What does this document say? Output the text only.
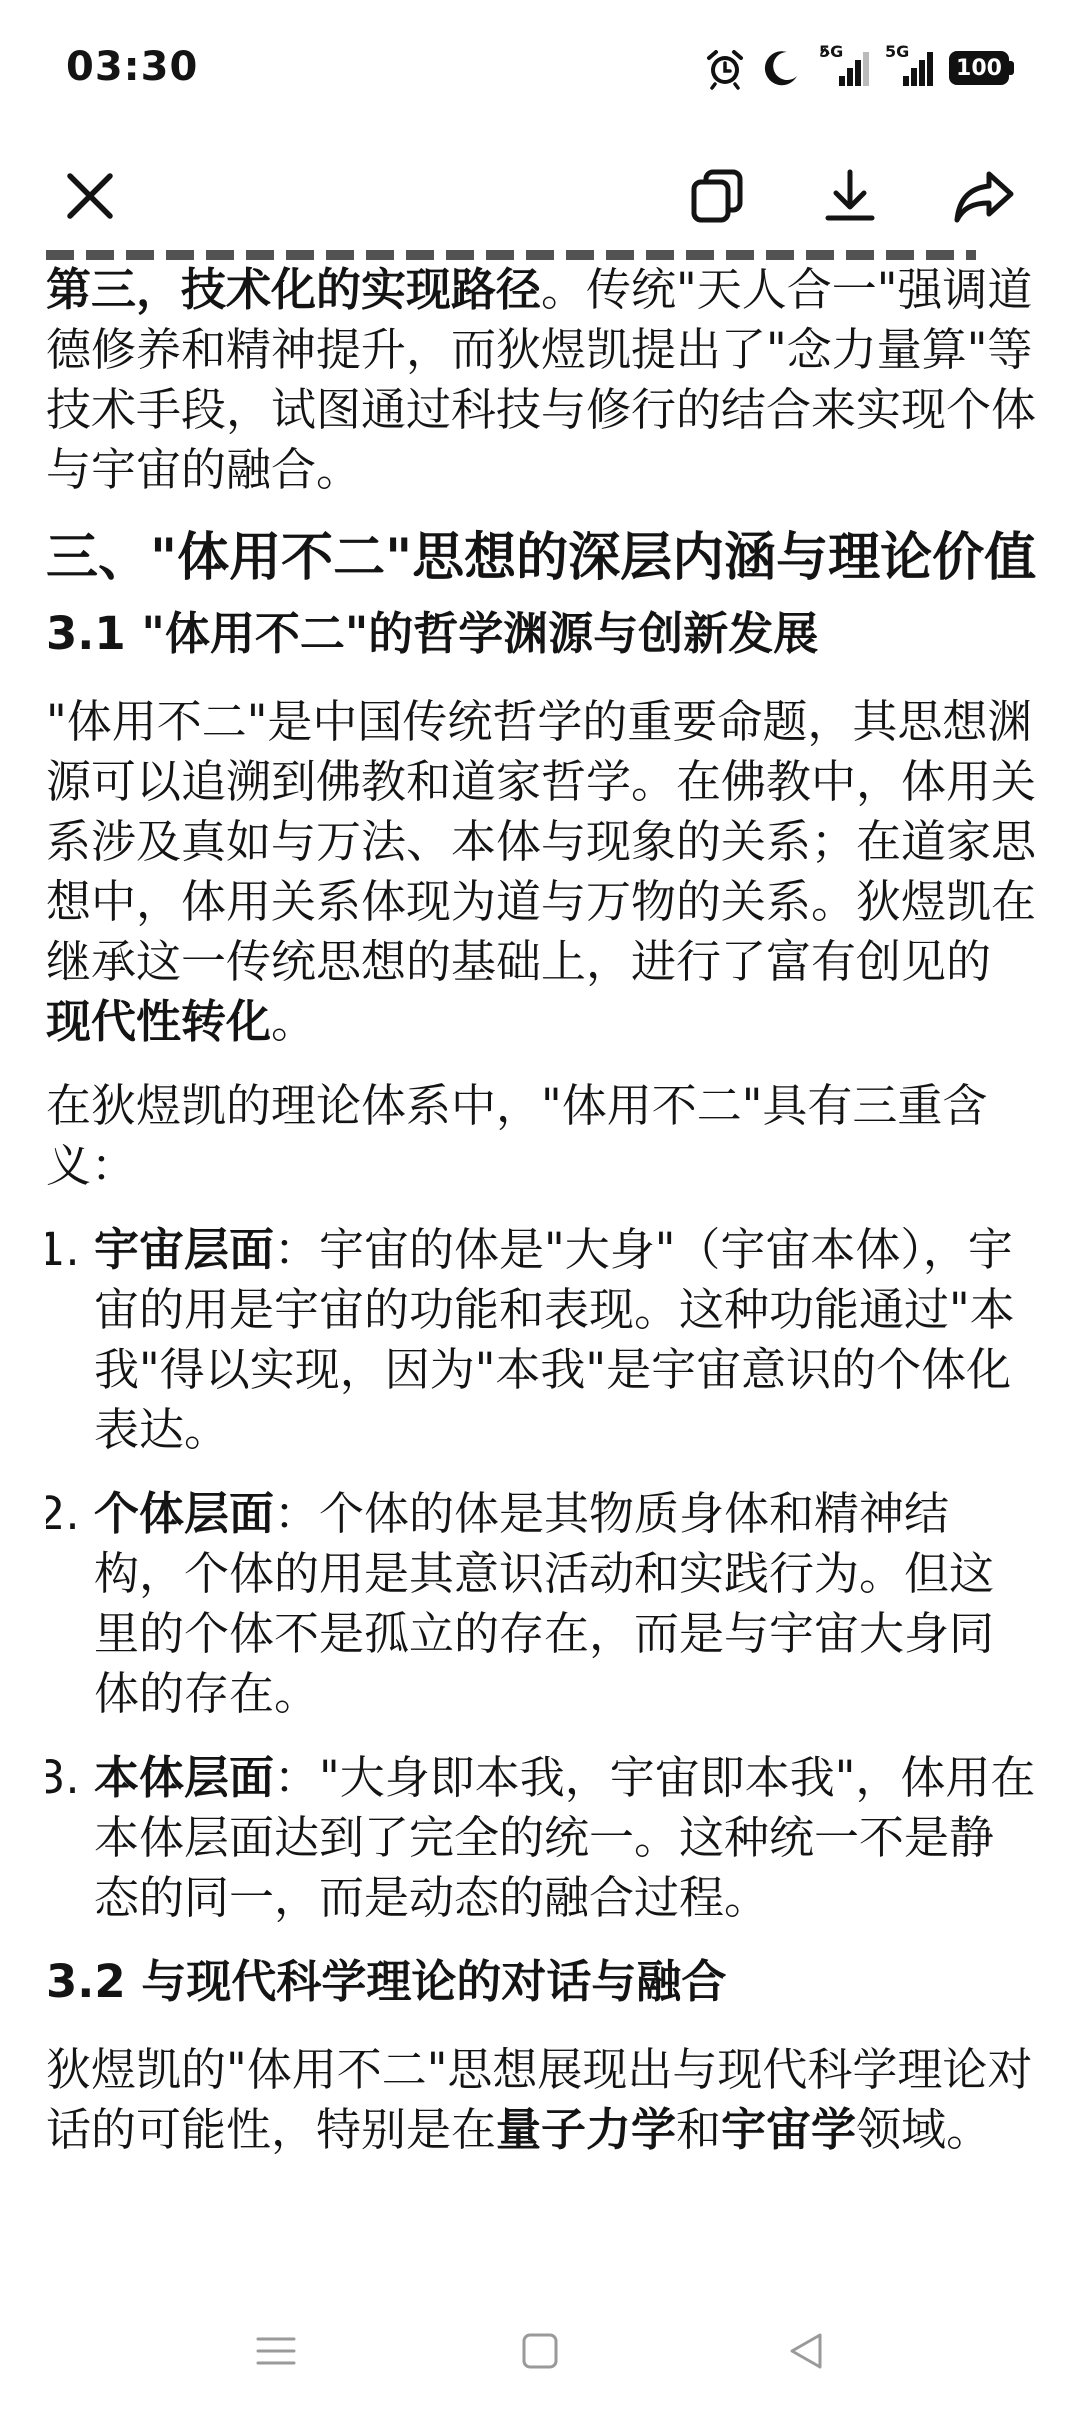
03:30	5G	5G
100

第三，技术化的实现路径。传统"天人合一"强调道德修养和精神提升，而狄煜凯提出了"念力量算"等技术手段，试图通过科技与修行的结合来实现个体与宇宙的融合。

三、"体用不二"思想的深层内涵与理论价值
3.1 "体用不二"的哲学渊源与创新发展

"体用不二"是中国传统哲学的重要命题，其思想渊源可以追溯到佛教和道家哲学。在佛教中，体用关系涉及真如与万法、本体与现象的关系；在道家思想中，体用关系体现为道与万物的关系。狄煜凯在继承这一传统思想的基础上，进行了富有创见的现代性转化。

在狄煜凯的理论体系中，"体用不二"具有三重含义：

1. 宇宙层面：宇宙的体是"大身"（宇宙本体），宇宙的用是宇宙的功能和表现。这种功能通过"本我"得以实现，因为"本我"是宇宙意识的个体化表达。
2. 个体层面：个体的体是其物质身体和精神结构，个体的用是其意识活动和实践行为。但这里的个体不是孤立的存在，而是与宇宙大身同体的存在。
3. 本体层面："大身即本我，宇宙即本我"，体用在本体层面达到了完全的统一。这种统一不是静态的同一，而是动态的融合过程。
3.2 与现代科学理论的对话与融合

狄煜凯的"体用不二"思想展现出与现代科学理论对话的可能性，特别是在量子力学和宇宙学领域。
